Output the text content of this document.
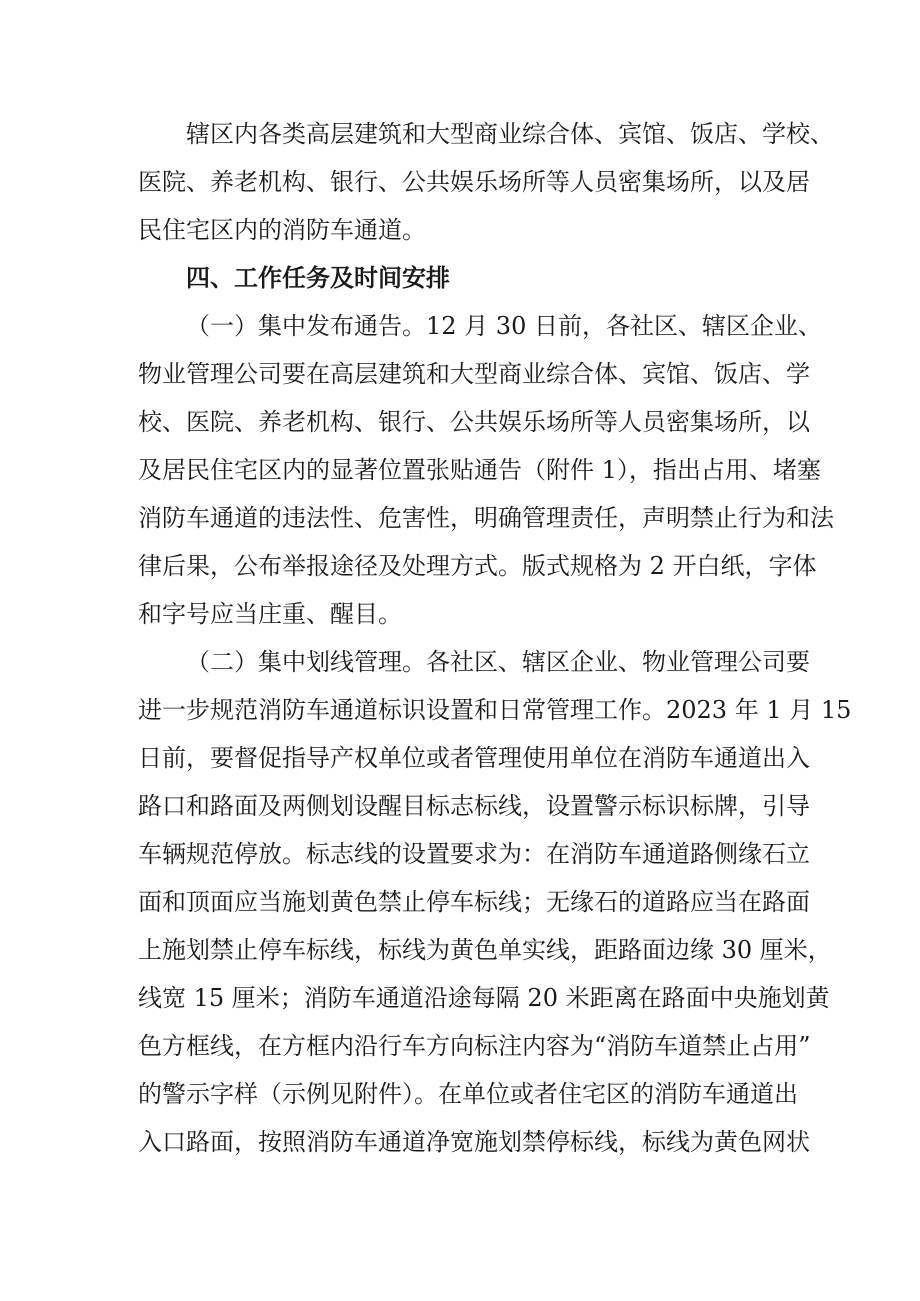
辖区内各类高层建筑和大型商业综合体、宾馆、饭店、学校、
医院、养老机构、银行、公共娱乐场所等人员密集场所，以及居
民住宅区内的消防车通道。
四、工作任务及时间安排
（一）集中发布通告。12 月 30 日前，各社区、辖区企业、
物业管理公司要在高层建筑和大型商业综合体、宾馆、饭店、学
校、医院、养老机构、银行、公共娱乐场所等人员密集场所，以
及居民住宅区内的显著位置张贴通告（附件 1），指出占用、堵塞
消防车通道的违法性、危害性，明确管理责任，声明禁止行为和法
律后果，公布举报途径及处理方式。版式规格为 2 开白纸，字体
和字号应当庄重、醒目。
（二）集中划线管理。各社区、辖区企业、物业管理公司要
进一步规范消防车通道标识设置和日常管理工作。2023 年 1 月 15
日前，要督促指导产权单位或者管理使用单位在消防车通道出入
路口和路面及两侧划设醒目标志标线，设置警示标识标牌，引导
车辆规范停放。标志线的设置要求为：在消防车通道路侧缘石立
面和顶面应当施划黄色禁止停车标线；无缘石的道路应当在路面
上施划禁止停车标线，标线为黄色单实线，距路面边缘 30 厘米，
线宽 15 厘米；消防车通道沿途每隔 20 米距离在路面中央施划黄
色方框线，在方框内沿行车方向标注内容为“消防车道禁止占用”
的警示字样（示例见附件）。在单位或者住宅区的消防车通道出
入口路面，按照消防车通道净宽施划禁停标线，标线为黄色网状
